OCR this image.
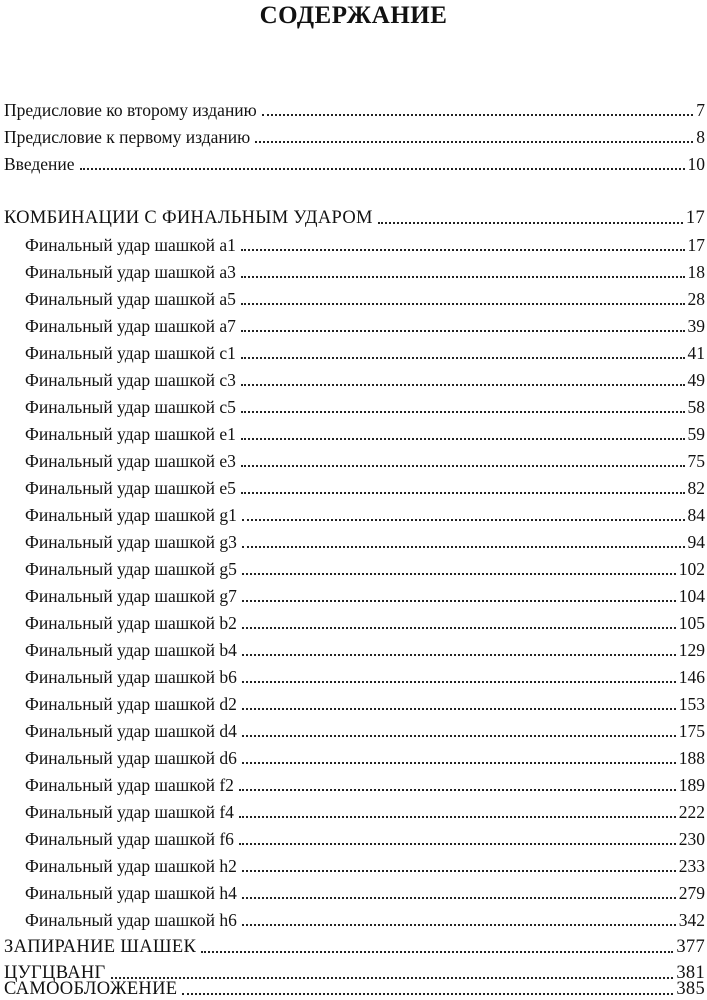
СОДЕРЖАНИЕ
Предисловие ко второму изданию	7
Предисловие к первому изданию	8
Введение	10
КОМБИНАЦИИ С ФИНАЛЬНЫМ УДАРОМ	17
Финальный удар шашкой a1	17
Финальный удар шашкой a3	18
Финальный удар шашкой a5	28
Финальный удар шашкой a7	39
Финальный удар шашкой c1	41
Финальный удар шашкой c3	49
Финальный удар шашкой c5	58
Финальный удар шашкой e1	59
Финальный удар шашкой e3	75
Финальный удар шашкой e5	82
Финальный удар шашкой g1	84
Финальный удар шашкой g3	94
Финальный удар шашкой g5	102
Финальный удар шашкой g7	104
Финальный удар шашкой b2	105
Финальный удар шашкой b4	129
Финальный удар шашкой b6	146
Финальный удар шашкой d2	153
Финальный удар шашкой d4	175
Финальный удар шашкой d6	188
Финальный удар шашкой f2	189
Финальный удар шашкой f4	222
Финальный удар шашкой f6	230
Финальный удар шашкой h2	233
Финальный удар шашкой h4	279
Финальный удар шашкой h6	342
ЗАПИРАНИЕ ШАШЕК	377
ЦУГЦВАНГ	381
САМООБЛОЖЕНИЕ	385
